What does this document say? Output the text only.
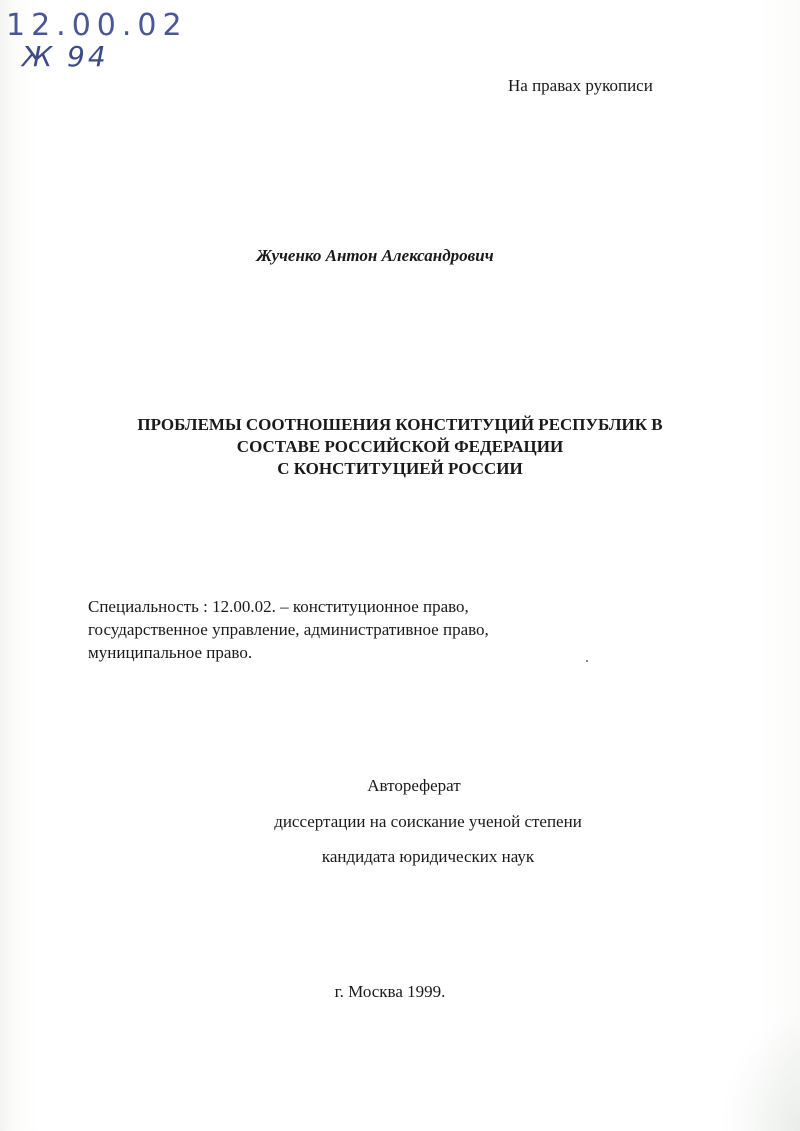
12.00.02
Ж 94
На правах рукописи
Жученко Антон Александрович
ПРОБЛЕМЫ СООТНОШЕНИЯ КОНСТИТУЦИЙ РЕСПУБЛИК В
СОСТАВЕ РОССИЙСКОЙ ФЕДЕРАЦИИ
С КОНСТИТУЦИЕЙ РОССИИ
Специальность : 12.00.02. – конституционное право,
государственное управление, административное право,
муниципальное право.
Автореферат
диссертации на соискание ученой степени
кандидата юридических наук
г. Москва 1999.
